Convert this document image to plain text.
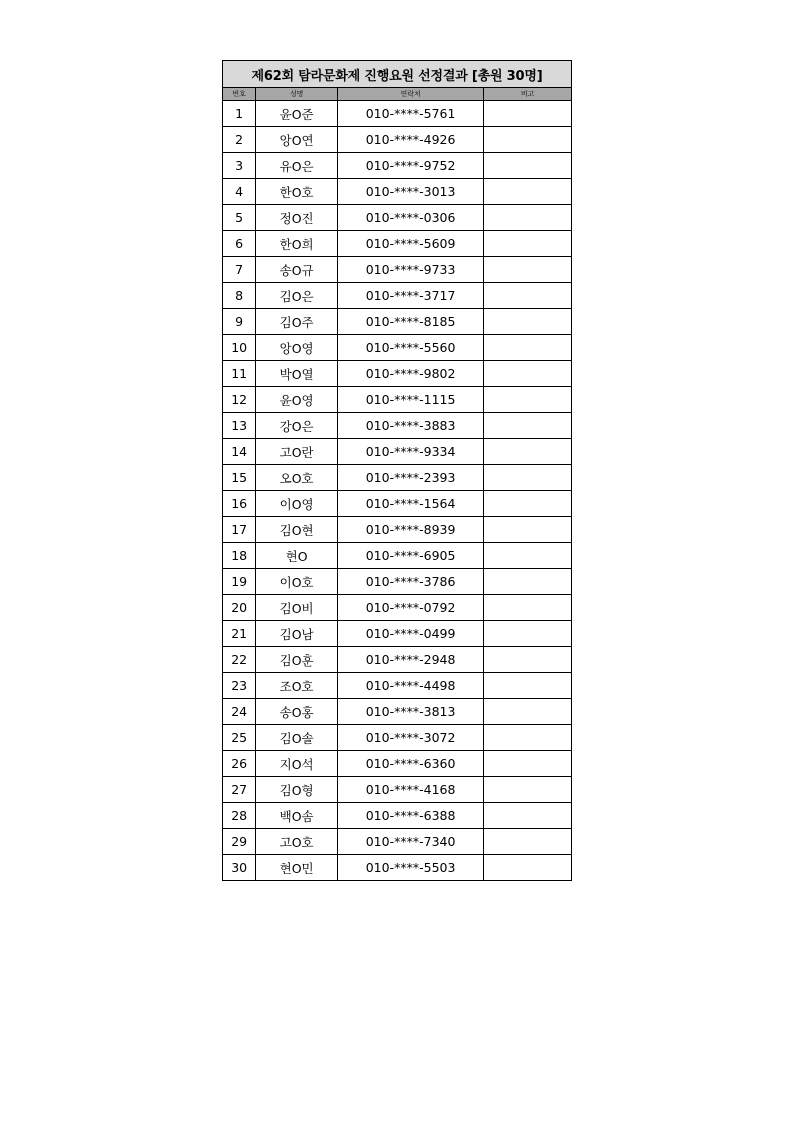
제62회 탐라문화제 진행요원 선정결과 [총원 30명]			
번호	성명	연락처	비고
1	윤O준	010-****-5761	
2	앙O연	010-****-4926	
3	유O은	010-****-9752	
4	한O호	010-****-3013	
5	정O진	010-****-0306	
6	한O희	010-****-5609	
7	송O규	010-****-9733	
8	김O은	010-****-3717	
9	김O주	010-****-8185	
10	앙O영	010-****-5560	
11	박O열	010-****-9802	
12	윤O영	010-****-1115	
13	강O은	010-****-3883	
14	고O란	010-****-9334	
15	오O호	010-****-2393	
16	이O영	010-****-1564	
17	김O현	010-****-8939	
18	현O	010-****-6905	
19	이O호	010-****-3786	
20	김O비	010-****-0792	
21	김O남	010-****-0499	
22	김O훈	010-****-2948	
23	조O호	010-****-4498	
24	송O홍	010-****-3813	
25	김O솔	010-****-3072	
26	지O석	010-****-6360	
27	김O형	010-****-4168	
28	백O솜	010-****-6388	
29	고O호	010-****-7340	
30	현O민	010-****-5503	
